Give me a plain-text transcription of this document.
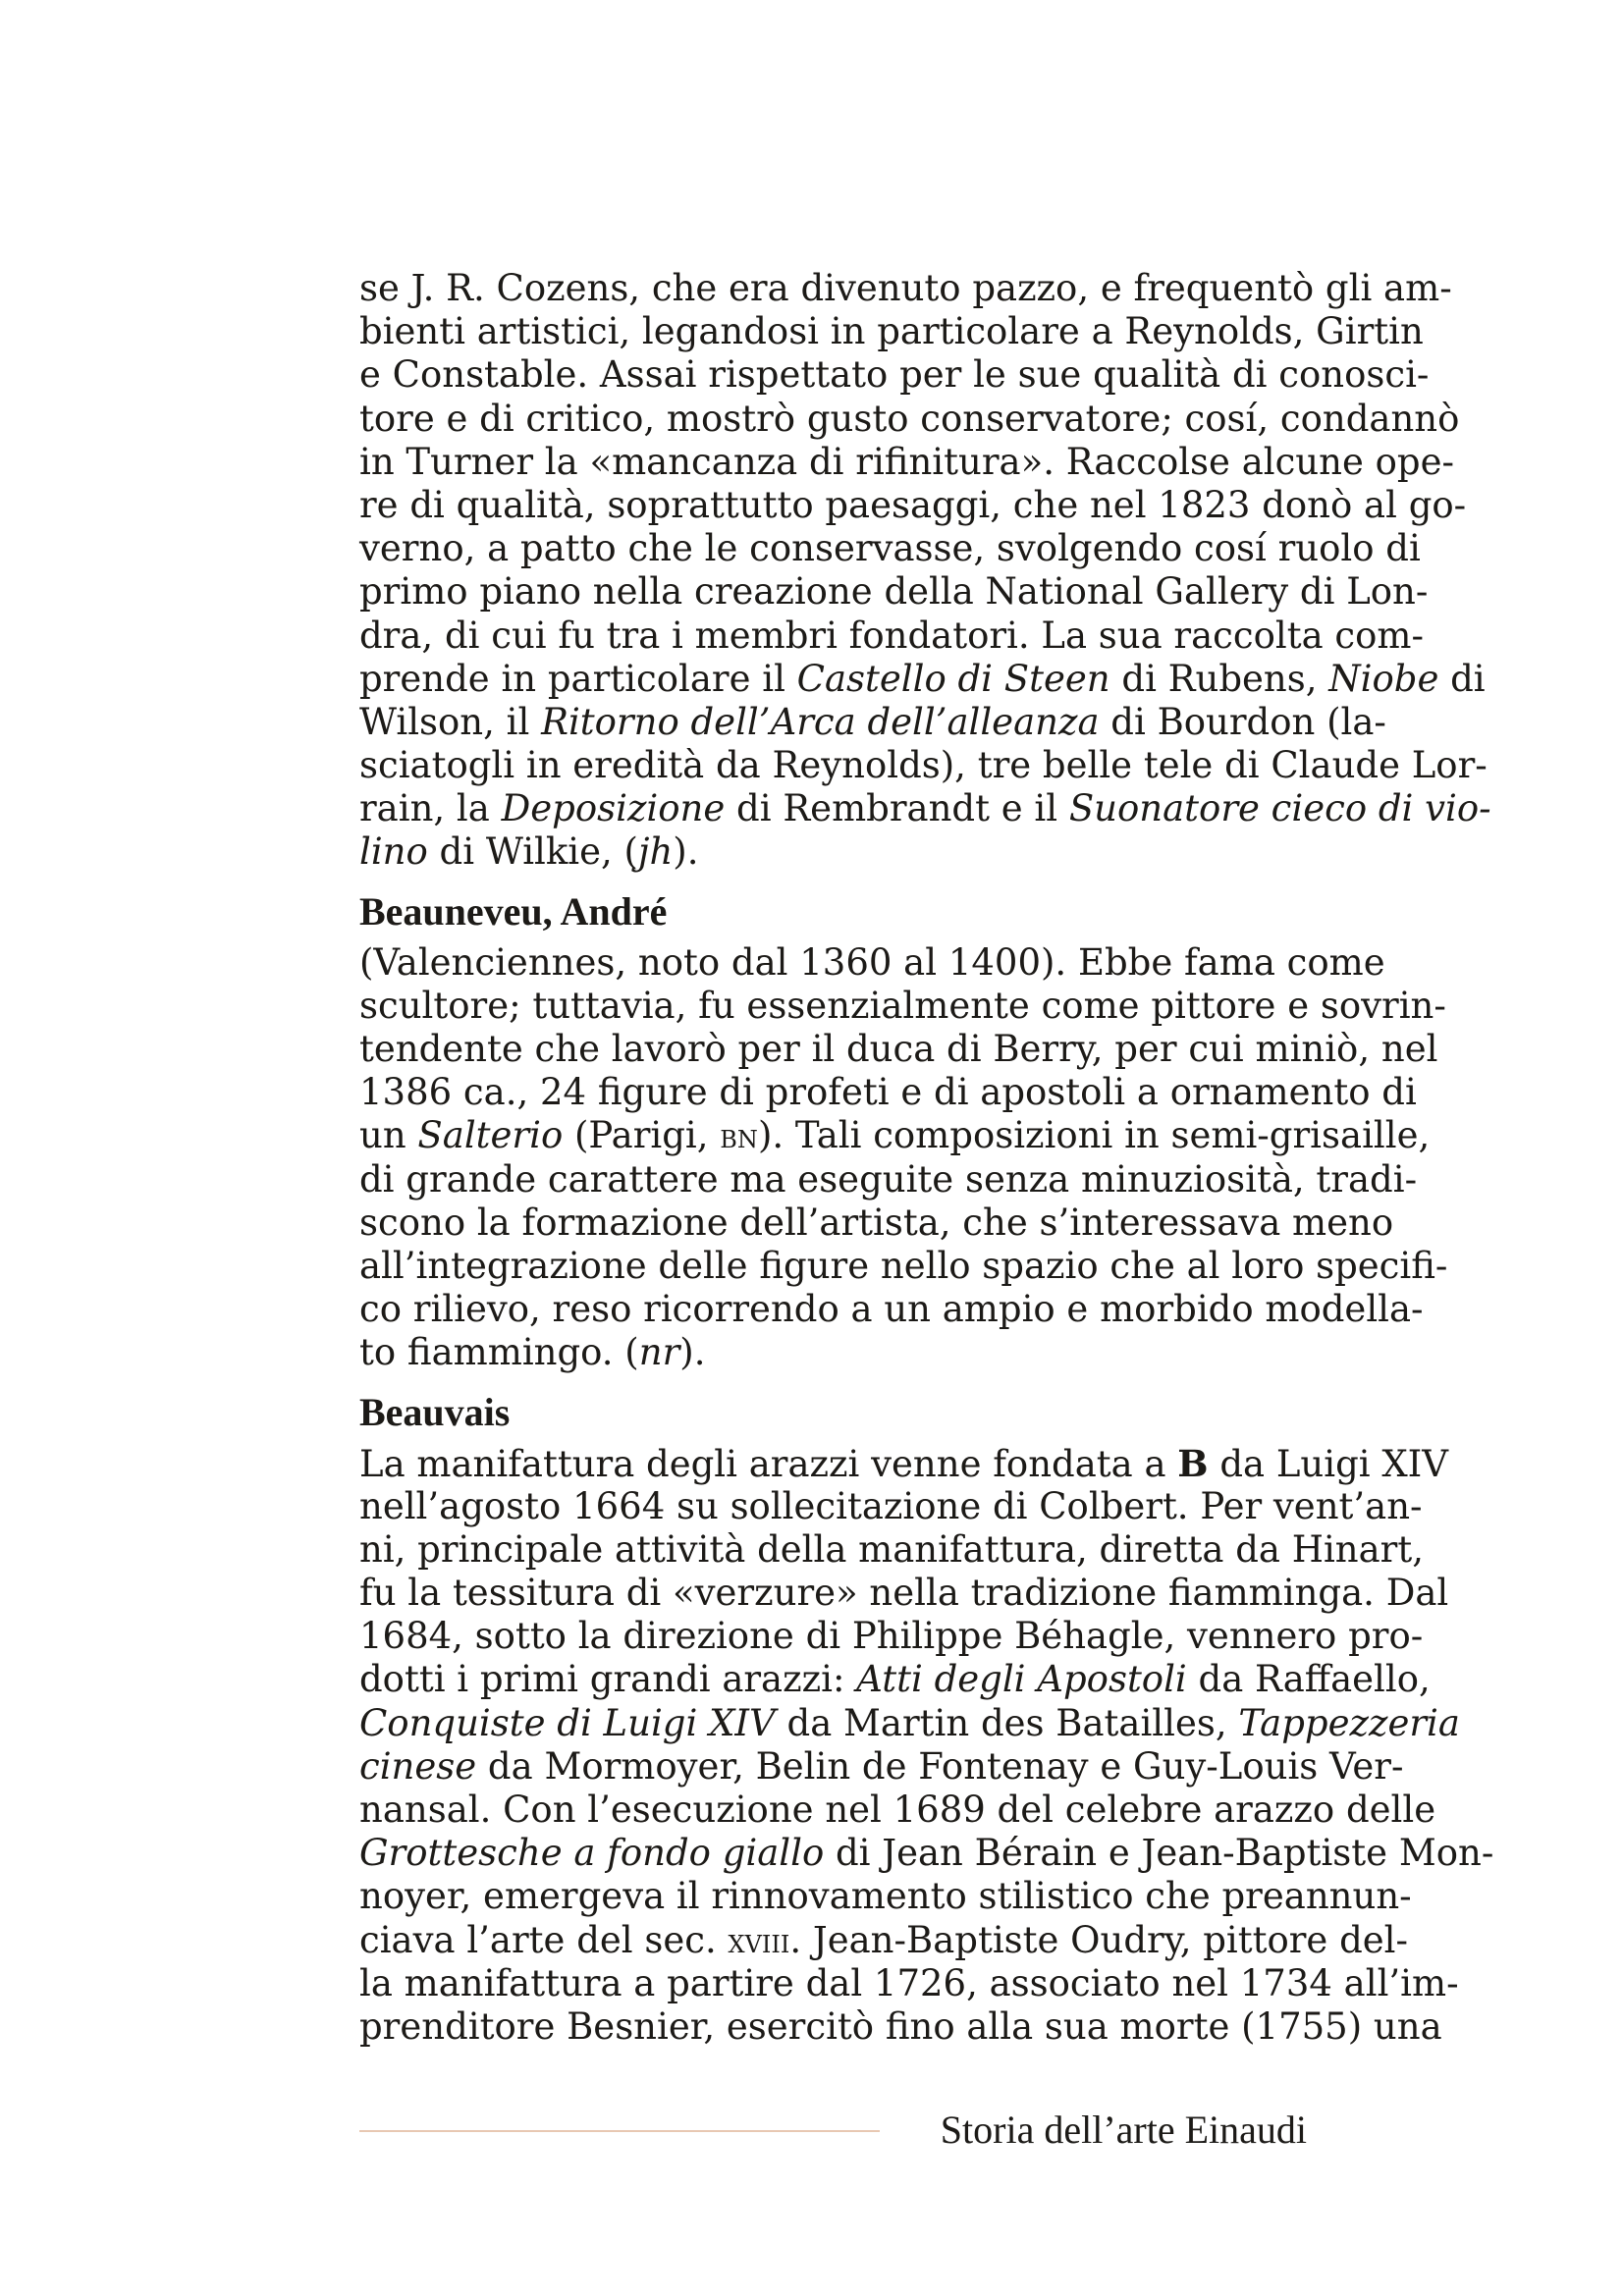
se J. R. Cozens, che era divenuto pazzo, e frequentò gli am-
bienti artistici, legandosi in particolare a Reynolds, Girtin
e Constable. Assai rispettato per le sue qualità di conosci-
tore e di critico, mostrò gusto conservatore; cosí, condannò
in Turner la «mancanza di rifinitura». Raccolse alcune ope-
re di qualità, soprattutto paesaggi, che nel 1823 donò al go-
verno, a patto che le conservasse, svolgendo cosí ruolo di
primo piano nella creazione della National Gallery di Lon-
dra, di cui fu tra i membri fondatori. La sua raccolta com-
prende in particolare il Castello di Steen di Rubens, Niobe di
Wilson, il Ritorno dell’Arca dell’alleanza di Bourdon (la-
sciatogli in eredità da Reynolds), tre belle tele di Claude Lor-
rain, la Deposizione di Rembrandt e il Suonatore cieco di vio-
lino di Wilkie, (jh).
Beauneveu, André
(Valenciennes, noto dal 1360 al 1400). Ebbe fama come
scultore; tuttavia, fu essenzialmente come pittore e sovrin-
tendente che lavorò per il duca di Berry, per cui miniò, nel
1386 ca., 24 figure di profeti e di apostoli a ornamento di
un Salterio (Parigi, bn). Tali composizioni in semi-grisaille,
di grande carattere ma eseguite senza minuziosità, tradi-
scono la formazione dell’artista, che s’interessava meno
all’integrazione delle figure nello spazio che al loro specifi-
co rilievo, reso ricorrendo a un ampio e morbido modella-
to fiammingo. (nr).
Beauvais
La manifattura degli arazzi venne fondata a B da Luigi XIV
nell’agosto 1664 su sollecitazione di Colbert. Per vent’an-
ni, principale attività della manifattura, diretta da Hinart,
fu la tessitura di «verzure» nella tradizione fiamminga. Dal
1684, sotto la direzione di Philippe Béhagle, vennero pro-
dotti i primi grandi arazzi: Atti degli Apostoli da Raffaello,
Conquiste di Luigi XIV da Martin des Batailles, Tappezzeria
cinese da Mormoyer, Belin de Fontenay e Guy-Louis Ver-
nansal. Con l’esecuzione nel 1689 del celebre arazzo delle
Grottesche a fondo giallo di Jean Bérain e Jean-Baptiste Mon-
noyer, emergeva il rinnovamento stilistico che preannun-
ciava l’arte del sec. xviii. Jean-Baptiste Oudry, pittore del-
la manifattura a partire dal 1726, associato nel 1734 all’im-
prenditore Besnier, esercitò fino alla sua morte (1755) una
Storia dell’arte Einaudi
